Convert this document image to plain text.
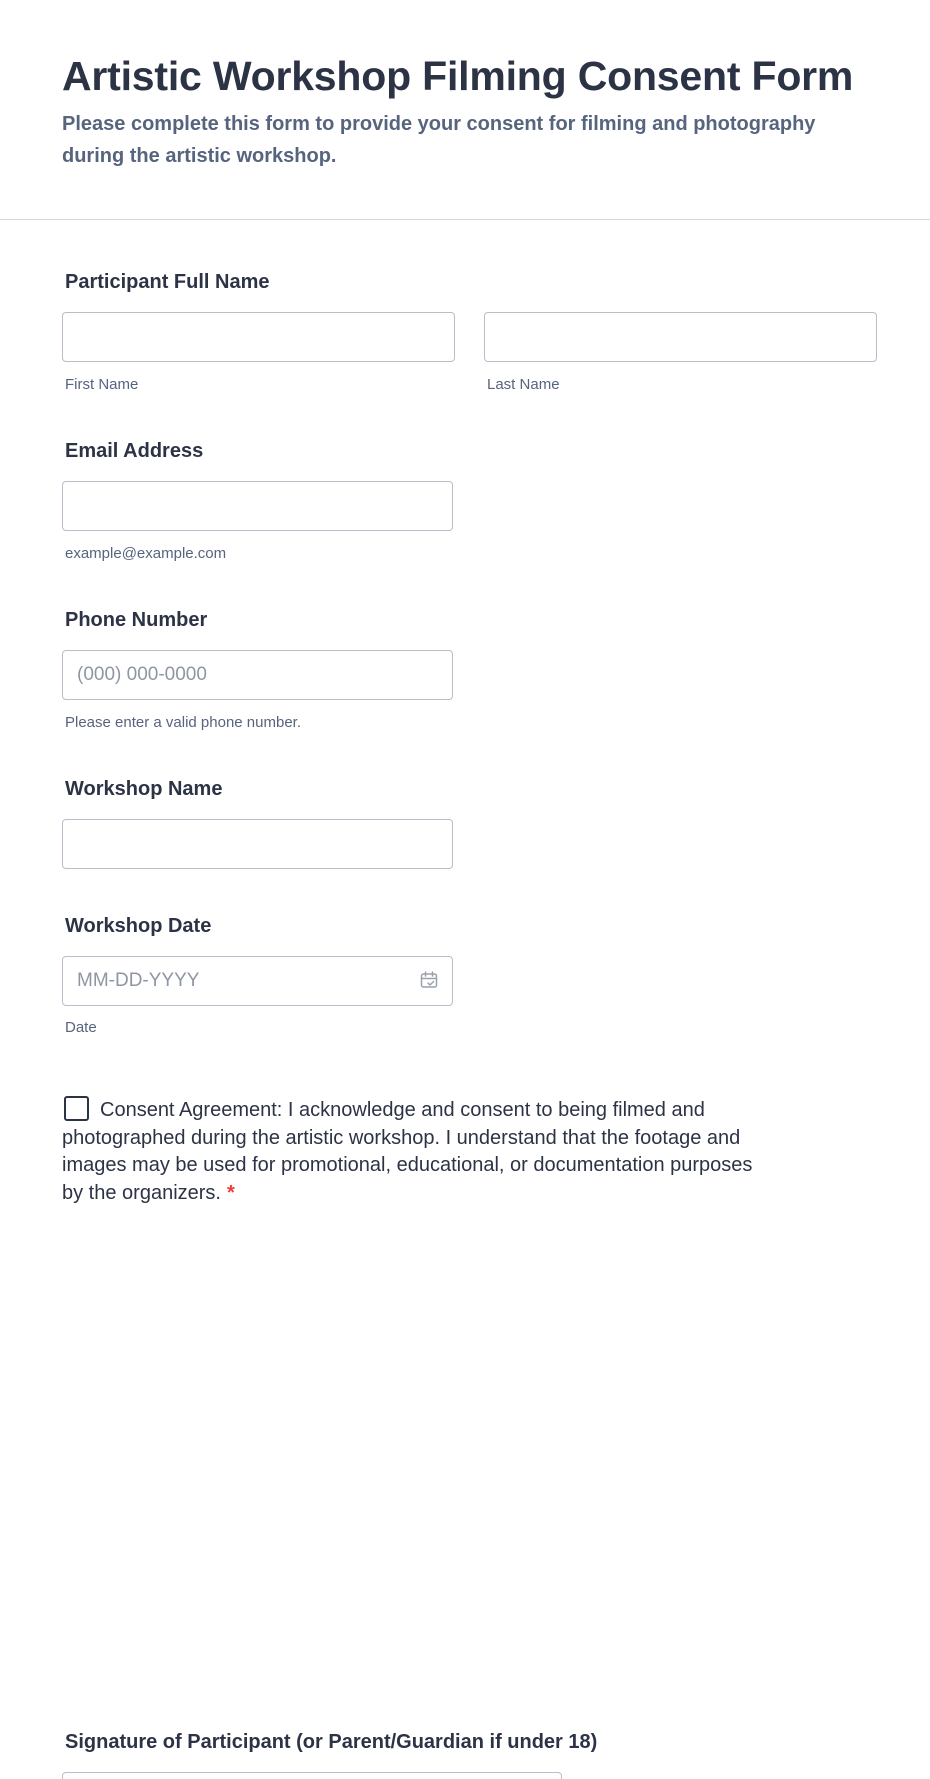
Artistic Workshop Filming Consent Form

Please complete this form to provide your consent for filming and photography during the artistic workshop.

Participant Full Name
First Name	Last Name
Email Address
example@example.com
Phone Number
(000) 000-0000
Please enter a valid phone number.
Workshop Name
Workshop Date
MM-DD-YYYY
Date
Consent Agreement: I acknowledge and consent to being filmed and photographed during the artistic workshop. I understand that the footage and images may be used for promotional, educational, or documentation purposes by the organizers. *
Signature of Participant (or Parent/Guardian if under 18)
